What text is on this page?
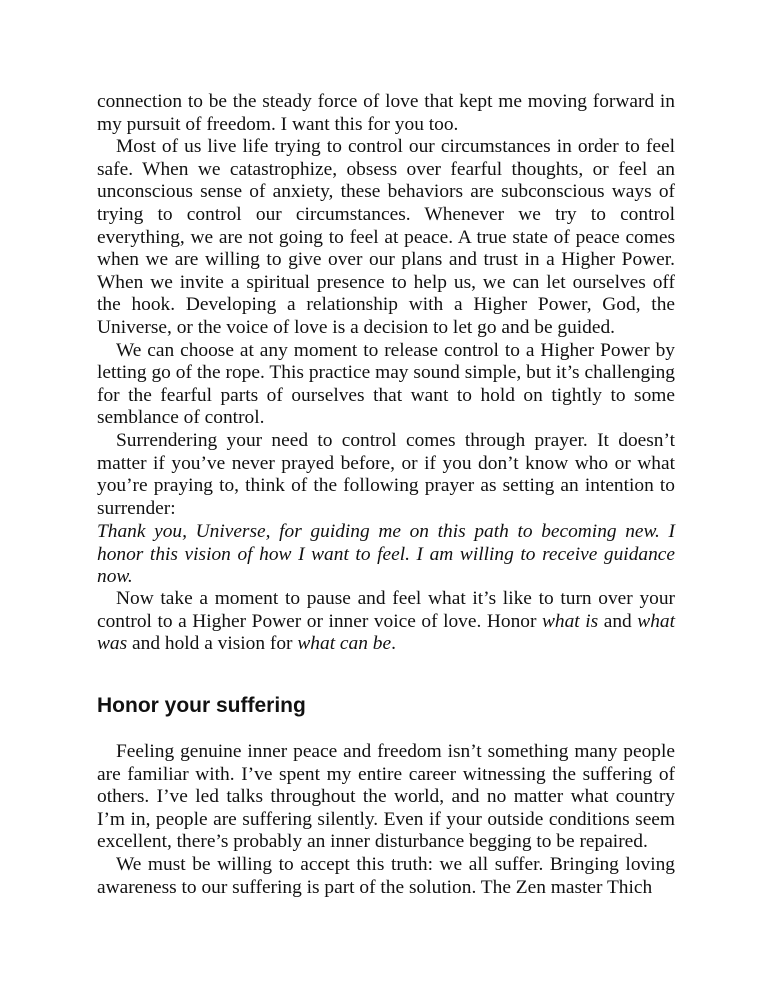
connection to be the steady force of love that kept me moving forward in my pursuit of freedom. I want this for you too.

Most of us live life trying to control our circumstances in order to feel safe. When we catastrophize, obsess over fearful thoughts, or feel an unconscious sense of anxiety, these behaviors are subconscious ways of trying to control our circumstances. Whenever we try to control everything, we are not going to feel at peace. A true state of peace comes when we are willing to give over our plans and trust in a Higher Power. When we invite a spiritual presence to help us, we can let ourselves off the hook. Developing a relationship with a Higher Power, God, the Universe, or the voice of love is a decision to let go and be guided.

We can choose at any moment to release control to a Higher Power by letting go of the rope. This practice may sound simple, but it’s challenging for the fearful parts of ourselves that want to hold on tightly to some semblance of control.

Surrendering your need to control comes through prayer. It doesn’t matter if you’ve never prayed before, or if you don’t know who or what you’re praying to, think of the following prayer as setting an intention to surrender:

Thank you, Universe, for guiding me on this path to becoming new. I honor this vision of how I want to feel. I am willing to receive guidance now.

Now take a moment to pause and feel what it’s like to turn over your control to a Higher Power or inner voice of love. Honor what is and what was and hold a vision for what can be.

Honor your suffering

Feeling genuine inner peace and freedom isn’t something many people are familiar with. I’ve spent my entire career witnessing the suffering of others. I’ve led talks throughout the world, and no matter what country I’m in, people are suffering silently. Even if your outside conditions seem excellent, there’s probably an inner disturbance begging to be repaired.

We must be willing to accept this truth: we all suffer. Bringing loving awareness to our suffering is part of the solution. The Zen master Thich
